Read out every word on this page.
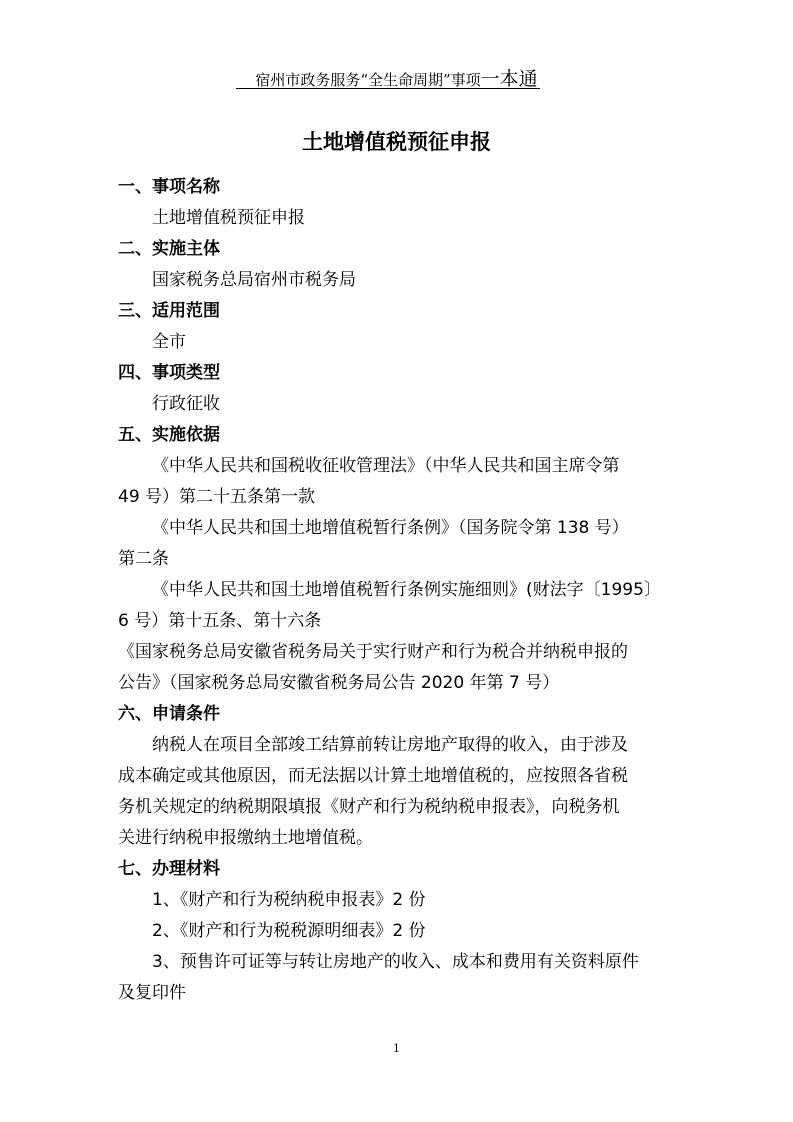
宿州市政务服务“全生命周期”事项一本通
土地增值税预征申报
一、事项名称
土地增值税预征申报
二、实施主体
国家税务总局宿州市税务局
三、适用范围
全市
四、事项类型
行政征收
五、实施依据
《中华人民共和国税收征收管理法》（中华人民共和国主席令第
49 号）第二十五条第一款
《中华人民共和国土地增值税暂行条例》（国务院令第 138 号）
第二条
《中华人民共和国土地增值税暂行条例实施细则》(财法字〔1995〕
6 号）第十五条、第十六条
《国家税务总局安徽省税务局关于实行财产和行为税合并纳税申报的
公告》（国家税务总局安徽省税务局公告 2020 年第 7 号）
六、申请条件
纳税人在项目全部竣工结算前转让房地产取得的收入，由于涉及
成本确定或其他原因，而无法据以计算土地增值税的，应按照各省税
务机关规定的纳税期限填报《财产和行为税纳税申报表》，向税务机
关进行纳税申报缴纳土地增值税。
七、办理材料
1、《财产和行为税纳税申报表》2 份
2、《财产和行为税税源明细表》2 份
3、预售许可证等与转让房地产的收入、成本和费用有关资料原件
及复印件
1
